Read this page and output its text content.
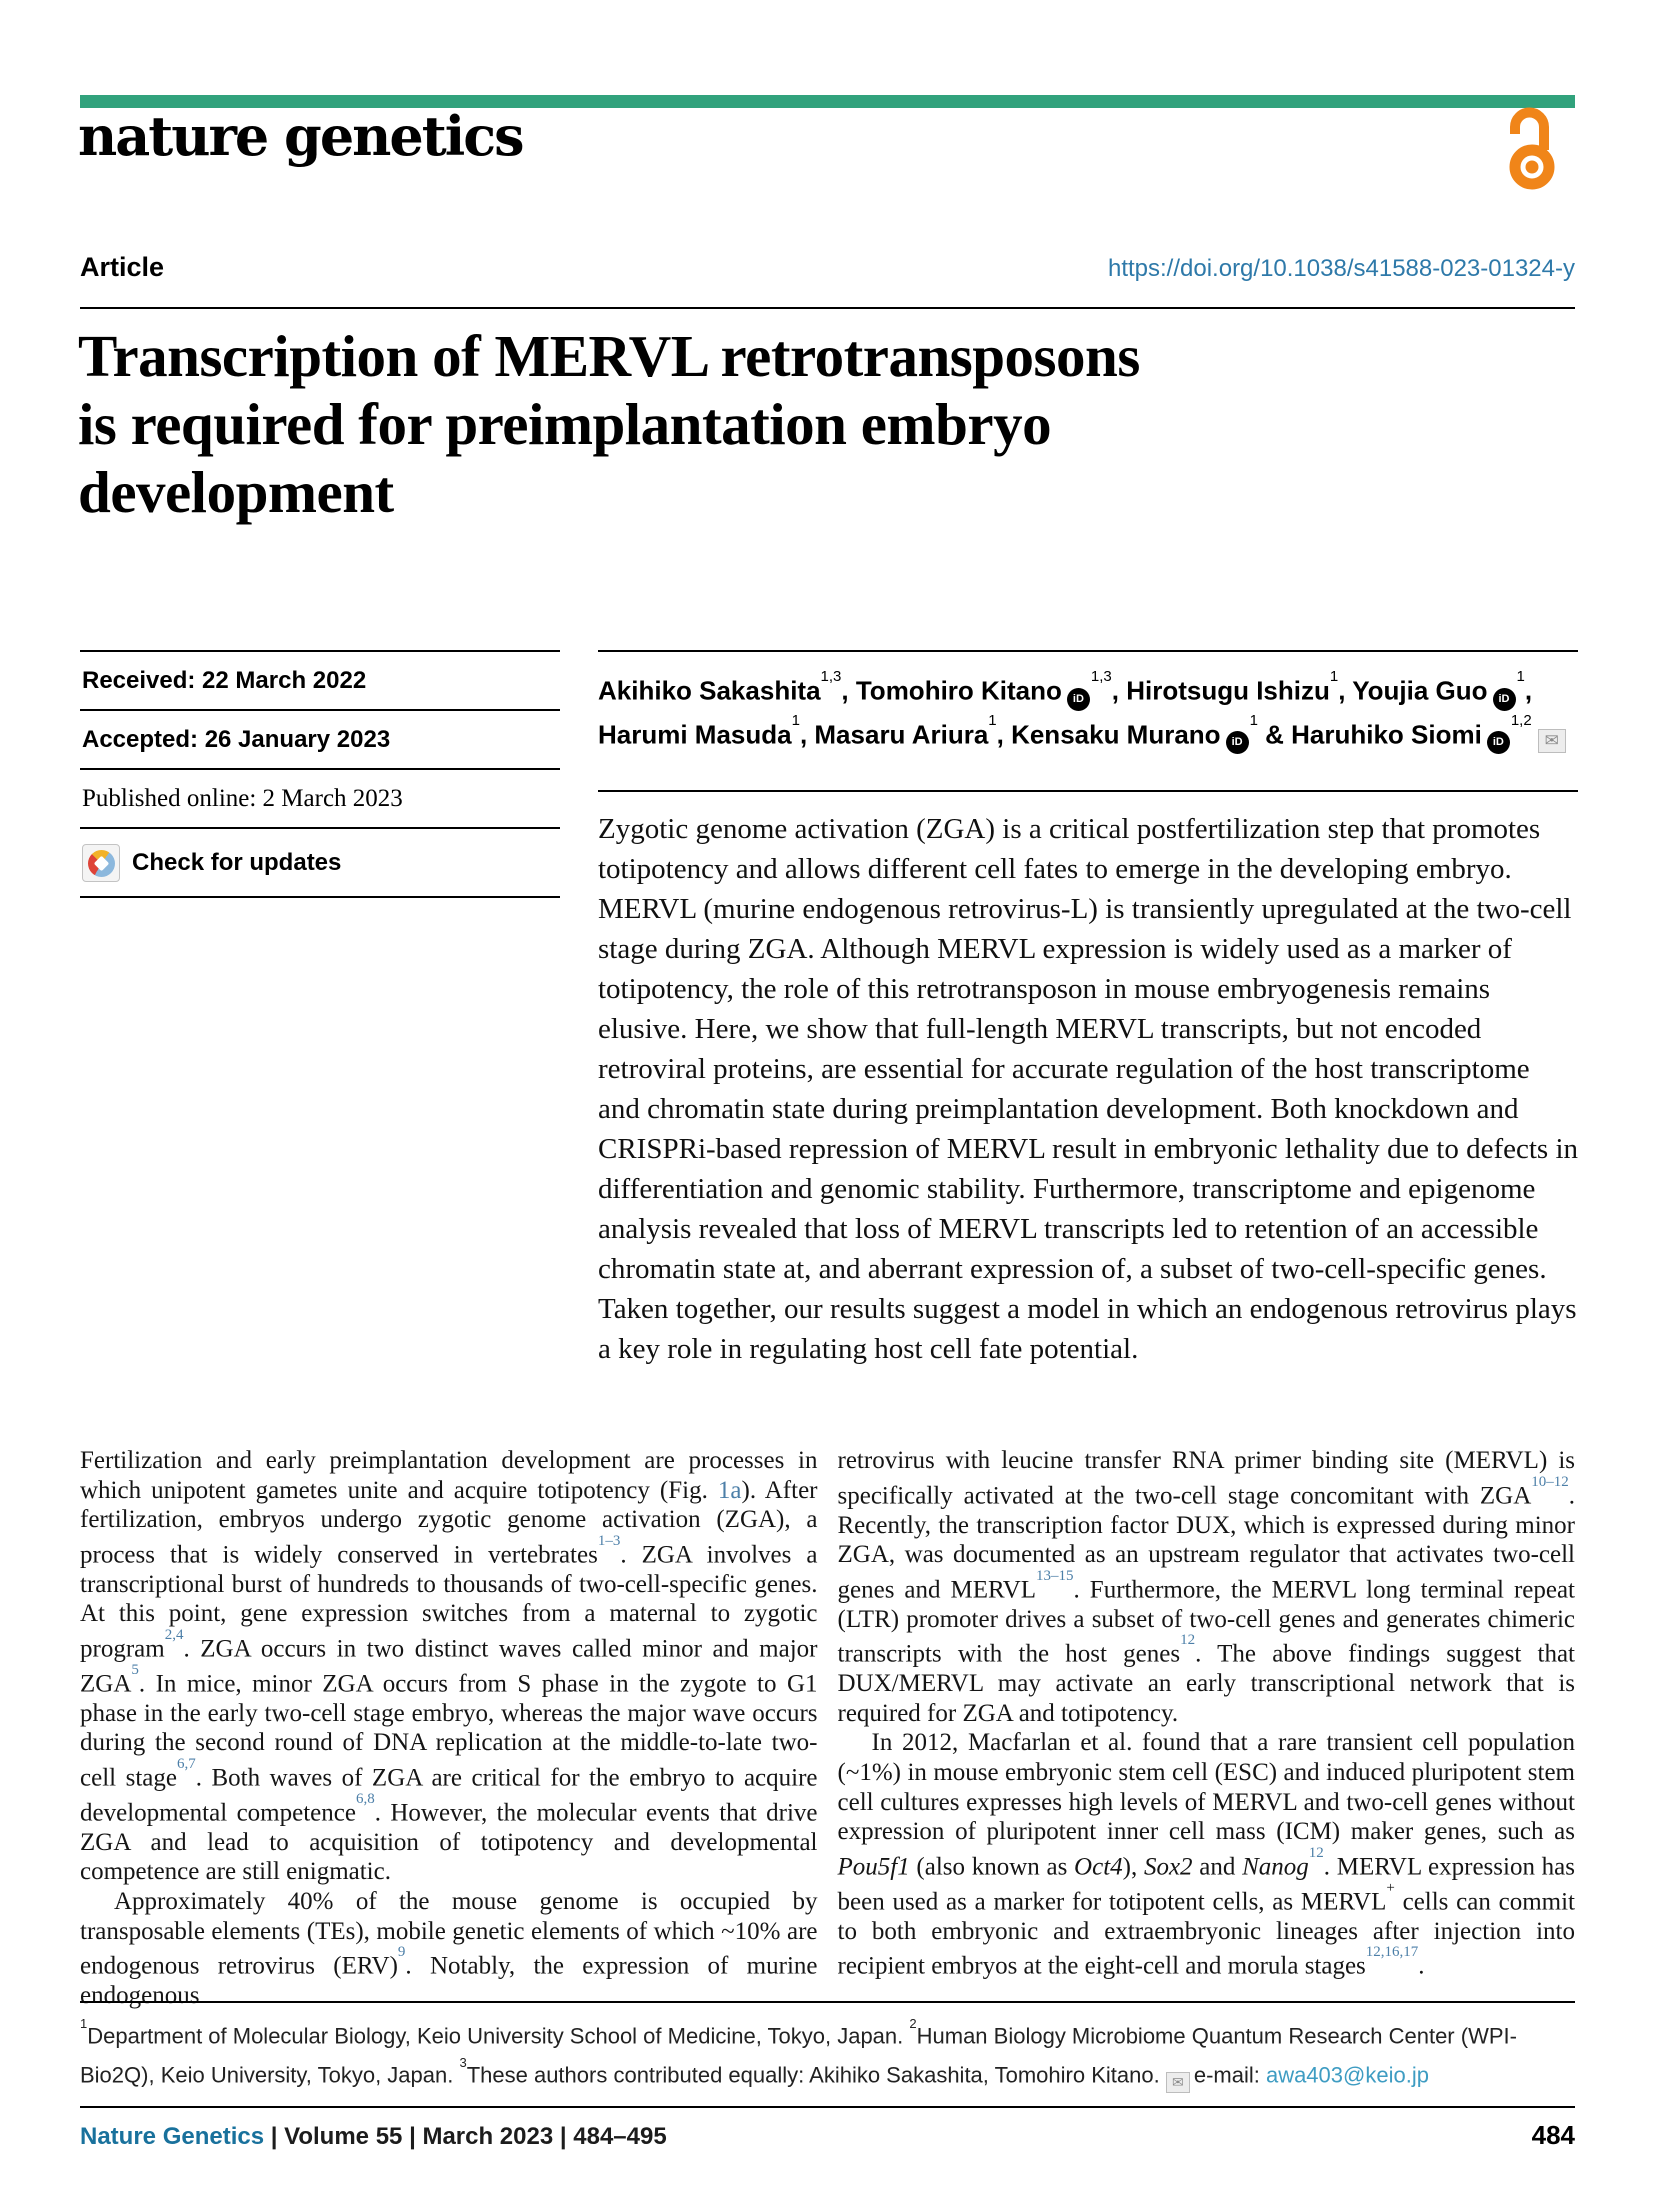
nature genetics
Article	https://doi.org/10.1038/s41588-023-01324-y
Transcription of MERVL retrotransposons
is required for preimplantation embryo
development
Received: 22 March 2022
Accepted: 26 January 2023
Published online: 2 March 2023
Check for updates
Akihiko Sakashita$^{1,3}$, Tomohiro Kitano iD$^{1,3}$, Hirotsugu Ishizu$^1$, Youjia Guo $iD^1$,
Harumi Masuda$^1$, Masaru Ariura$^1$, Kensaku Murano $iD^1$ & Haruhiko Siomi iD$^{1,2}$✉
Zygotic genome activation (ZGA) is a critical postfertilization step that promotes totipotency and allows different cell fates to emerge in the developing embryo. MERVL (murine endogenous retrovirus-L) is transiently upregulated at the two-cell stage during ZGA. Although MERVL expression is widely used as a marker of totipotency, the role of this retrotransposon in mouse embryogenesis remains elusive. Here, we show that full-length MERVL transcripts, but not encoded retroviral proteins, are essential for accurate regulation of the host transcriptome and chromatin state during preimplantation development. Both knockdown and CRISPRi-based repression of MERVL result in embryonic lethality due to defects in differentiation and genomic stability. Furthermore, transcriptome and epigenome analysis revealed that loss of MERVL transcripts led to retention of an accessible chromatin state at, and aberrant expression of, a subset of two-cell-specific genes. Taken together, our results suggest a model in which an endogenous retrovirus plays a key role in regulating host cell fate potential.

Fertilization and early preimplantation development are processes in which unipotent gametes unite and acquire totipotency (Fig. 1a). After fertilization, embryos undergo zygotic genome activation (ZGA), a process that is widely conserved in vertebrates$^{1-3}$. ZGA involves a transcriptional burst of hundreds to thousands of two-cell-specific genes. At this point, gene expression switches from a maternal to zygotic program$^{2,4}$. ZGA occurs in two distinct waves called minor and major ZGA$^5$. In mice, minor ZGA occurs from S phase in the zygote to G1 phase in the early two-cell stage embryo, whereas the major wave occurs during the second round of DNA replication at the middle-to-late two-cell stage$^{6,7}$. Both waves of ZGA are critical for the embryo to acquire developmental competence$^{6,8}$. However, the molecular events that drive ZGA and lead to acquisition of totipotency and developmental competence are still enigmatic.

Approximately 40% of the mouse genome is occupied by transposable elements (TEs), mobile genetic elements of which ~10% are endogenous retrovirus (ERV)$^9$. Notably, the expression of murine endogenous

retrovirus with leucine transfer RNA primer binding site (MERVL) is specifically activated at the two-cell stage concomitant with ZGA$^{10-12}$. Recently, the transcription factor DUX, which is expressed during minor ZGA, was documented as an upstream regulator that activates two-cell genes and MERVL$^{13-15}$. Furthermore, the MERVL long terminal repeat (LTR) promoter drives a subset of two-cell genes and generates chimeric transcripts with the host genes$^{12}$. The above findings suggest that DUX/MERVL may activate an early transcriptional network that is required for ZGA and totipotency.

In 2012, Macfarlan et al. found that a rare transient cell population (~1%) in mouse embryonic stem cell (ESC) and induced pluripotent stem cell cultures expresses high levels of MERVL and two-cell genes without expression of pluripotent inner cell mass (ICM) maker genes, such as Pou5f1 (also known as Oct4), Sox2 and Nanog$^{12}$. MERVL expression has been used as a marker for totipotent cells, as MERVL+ cells can commit to both embryonic and extraembryonic lineages after injection into recipient embryos at the eight-cell and morula stages$^{12,16,17}$.

$^1$Department of Molecular Biology, Keio University School of Medicine, Tokyo, Japan. $^2$Human Biology Microbiome Quantum Research Center (WPI-Bio2Q), Keio University, Tokyo, Japan. $^3$These authors contributed equally: Akihiko Sakashita, Tomohiro Kitano. ✉ e-mail: awa403@keio.jp
Nature Genetics | Volume 55 | March 2023 | 484–495	484
